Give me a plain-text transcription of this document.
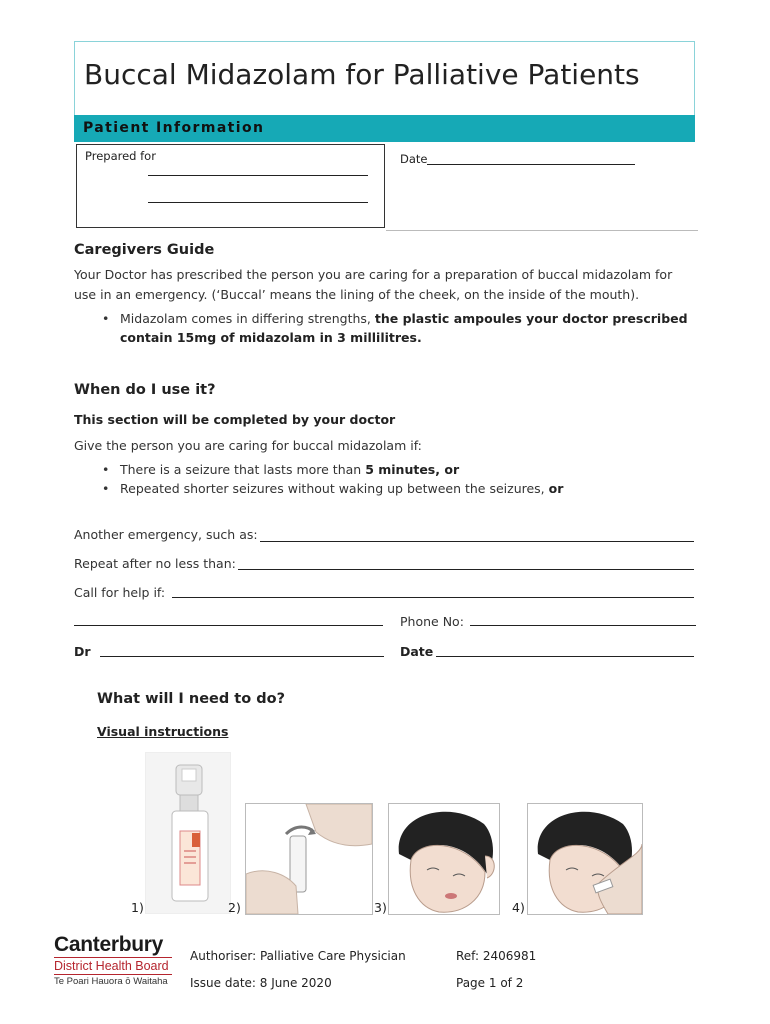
Buccal Midazolam for Palliative Patients
Patient Information
Prepared for	Date
Caregivers Guide
Your Doctor has prescribed the person you are caring for a preparation of buccal midazolam for
use in an emergency. (‘Buccal’ means the lining of the cheek, on the inside of the mouth).
• Midazolam comes in differing strengths, the plastic ampoules your doctor prescribed
contain 15mg of midazolam in 3 millilitres.
When do I use it?
This section will be completed by your doctor
Give the person you are caring for buccal midazolam if:
• There is a seizure that lasts more than 5 minutes, or
• Repeated shorter seizures without waking up between the seizures, or
Another emergency, such as:
Repeat after no less than:
Call for help if:
Phone No:
Dr	Date
What will I need to do?
Visual instructions
1)	2)	3)	4)
Canterbury
District Health Board
Te Poari Hauora ō Waitaha
Authoriser: Palliative Care Physician
Issue date: 8 June 2020
Ref: 2406981
Page 1 of 2
